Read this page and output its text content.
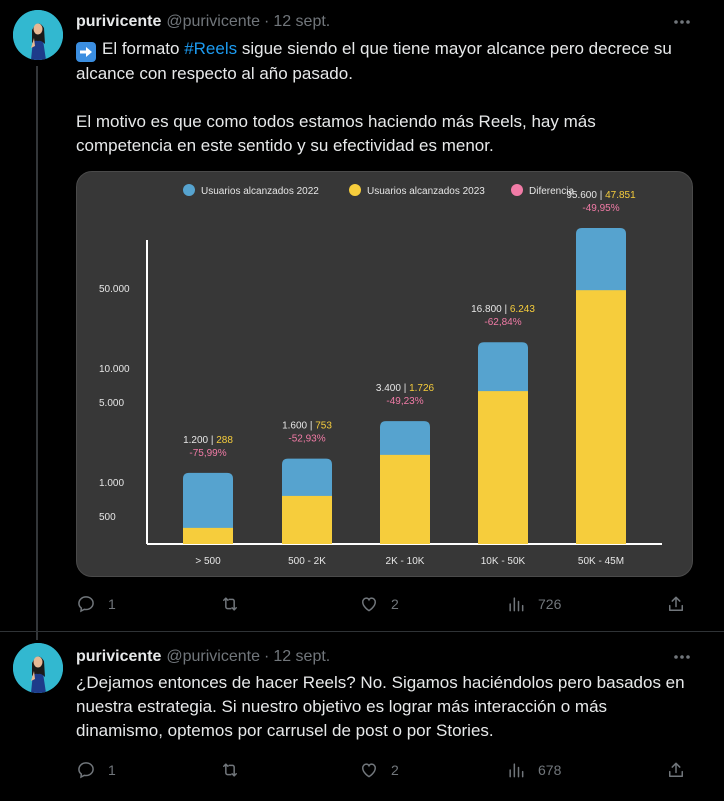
purivicente @purivicente · 12 sept.
El formato #Reels sigue siendo el que tiene mayor alcance pero decrece su alcance con respecto al año pasado.
El motivo es que como todos estamos haciendo más Reels, hay más competencia en este sentido y su efectividad es menor.
Usuarios alcanzados 2022	Usuarios alcanzados 2023	Diferencia
500
1.000
5.000
10.000
50.000
> 500
1.200 | 288
-75,99%
500 - 2K
1.600 | 753
-52,93%
2K - 10K
3.400 | 1.726
-49,23%
10K - 50K
16.800 | 6.243
-62,84%
50K - 45M
95.600 | 47.851
-49,95%
1	2	726
purivicente @purivicente · 12 sept.
¿Dejamos entonces de hacer Reels? No. Sigamos haciéndolos pero basados en nuestra estrategia. Si nuestro objetivo es lograr más interacción o más dinamismo, optemos por carrusel de post o por Stories.
1	2	678
